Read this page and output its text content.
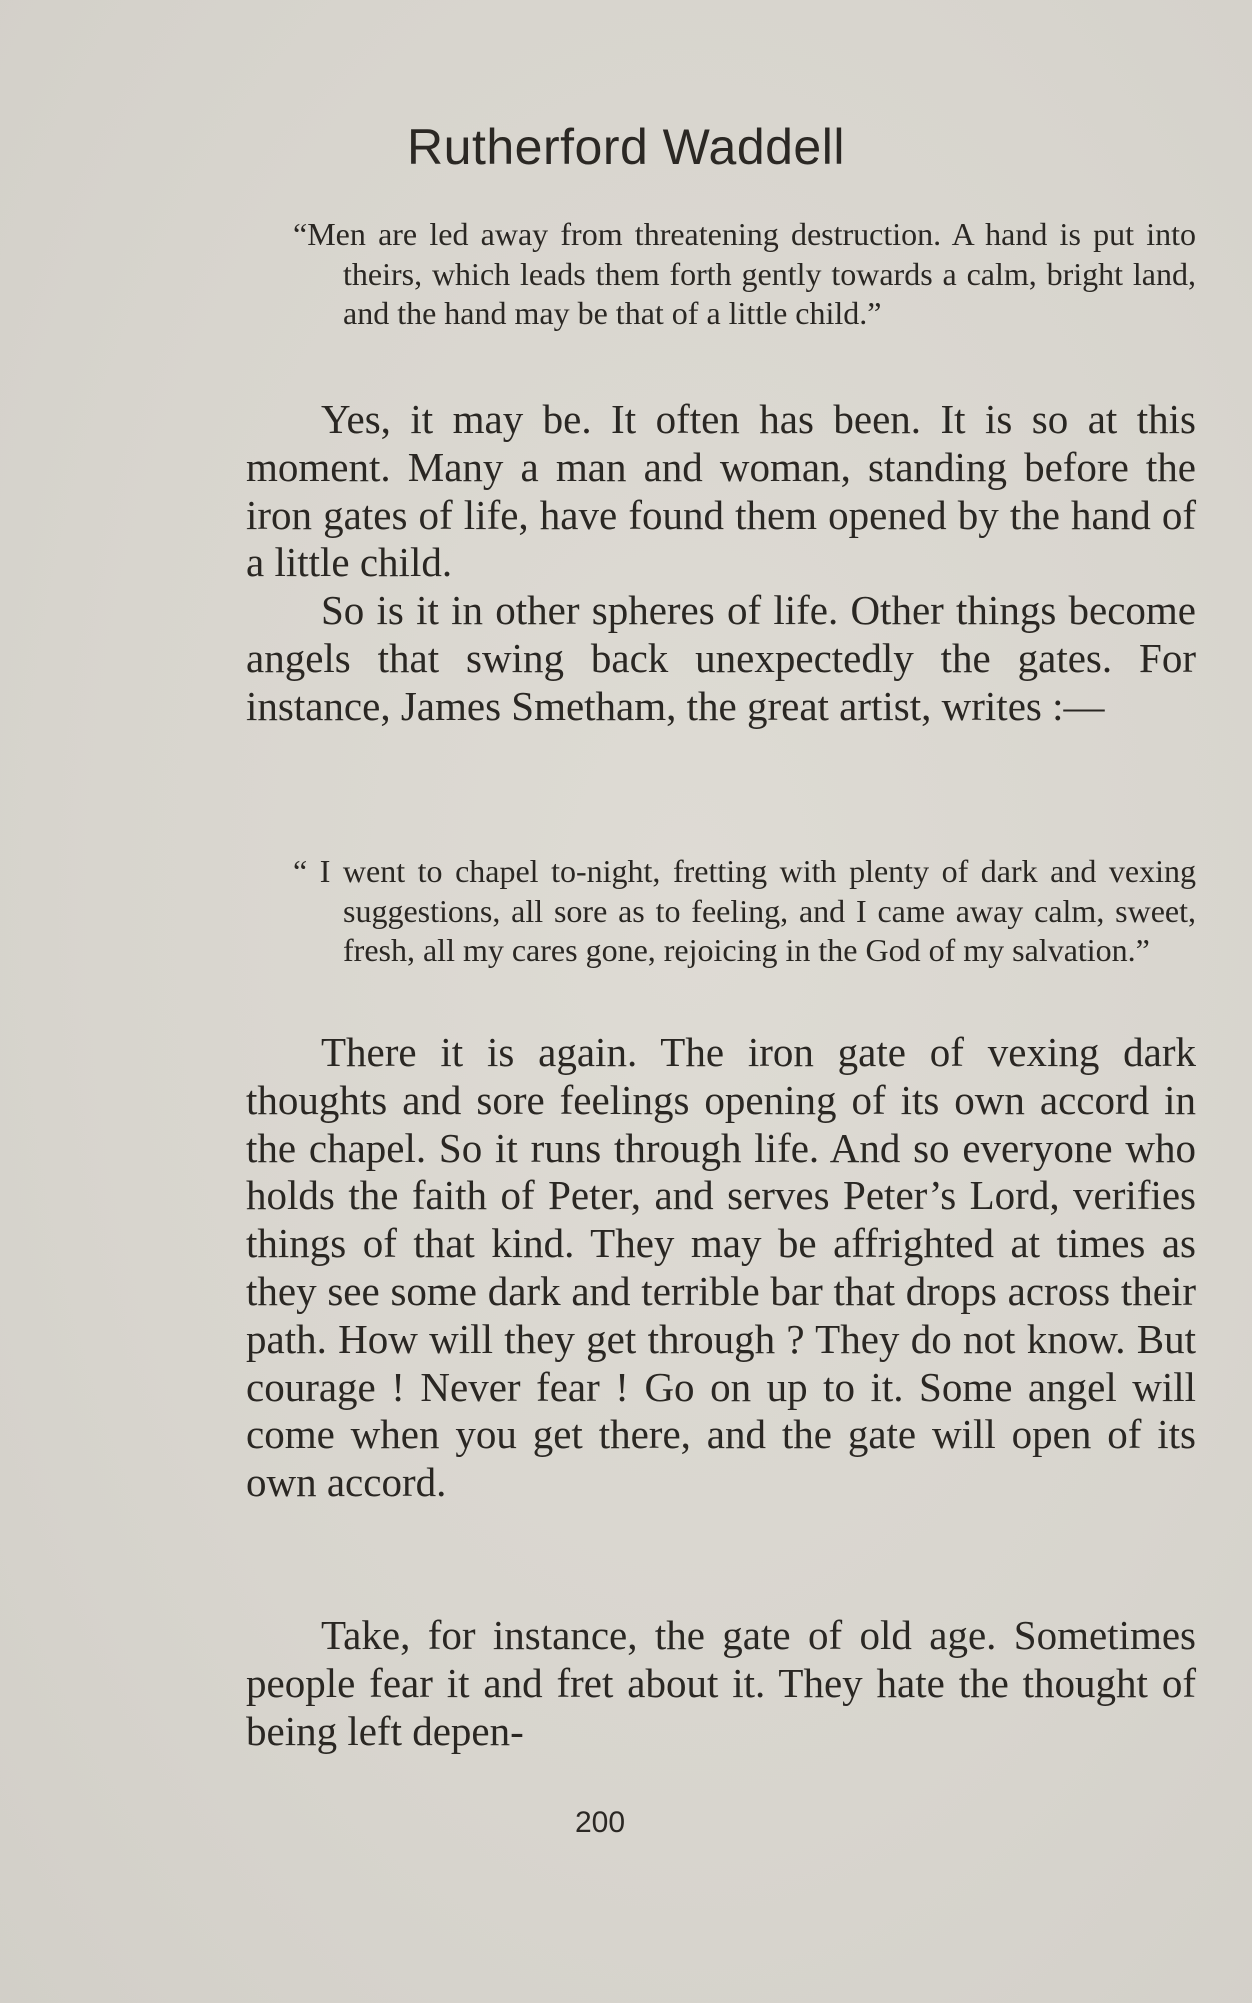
Rutherford Waddell

“Men are led away from threatening destruction. A hand is put into theirs, which leads them forth gently towards a calm, bright land, and the hand may be that of a little child.”

Yes, it may be. It often has been. It is so at this moment. Many a man and woman, standing before the iron gates of life, have found them opened by the hand of a little child.

So is it in other spheres of life. Other things become angels that swing back unexpectedly the gates. For instance, James Smetham, the great artist, writes :—

“ I went to chapel to-night, fretting with plenty of dark and vexing suggestions, all sore as to feeling, and I came away calm, sweet, fresh, all my cares gone, rejoicing in the God of my salvation.”

There it is again. The iron gate of vexing dark thoughts and sore feelings opening of its own accord in the chapel. So it runs through life. And so everyone who holds the faith of Peter, and serves Peter’s Lord, verifies things of that kind. They may be affrighted at times as they see some dark and terrible bar that drops across their path. How will they get through ? They do not know. But courage ! Never fear ! Go on up to it. Some angel will come when you get there, and the gate will open of its own accord.

Take, for instance, the gate of old age. Sometimes people fear it and fret about it. They hate the thought of being left depen-

200
